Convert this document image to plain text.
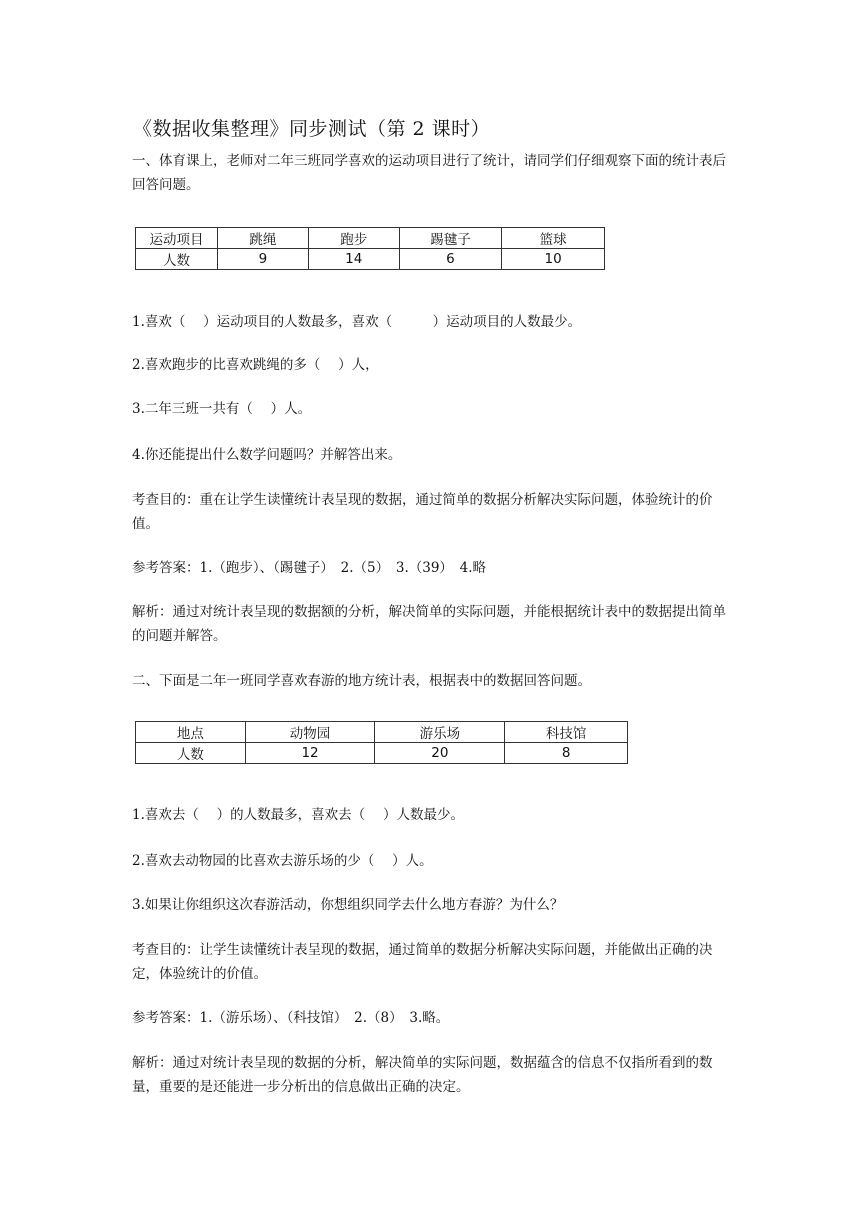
《数据收集整理》同步测试（第 2 课时）
一、体育课上，老师对二年三班同学喜欢的运动项目进行了统计，请同学们仔细观察下面的统计表后回答问题。
运动项目	跳绳	跑步	踢毽子	篮球
人数	9	14	6	10
1.喜欢（　 ）运动项目的人数最多，喜欢（　　　）运动项目的人数最少。
2.喜欢跑步的比喜欢跳绳的多（　 ）人，
3.二年三班一共有（　 ）人。
4.你还能提出什么数学问题吗？并解答出来。
考查目的：重在让学生读懂统计表呈现的数据，通过简单的数据分析解决实际问题，体验统计的价值。
参考答案：1.（跑步）、（踢毽子）　2.（5）　3.（39）　4.略
解析：通过对统计表呈现的数据额的分析，解决简单的实际问题，并能根据统计表中的数据提出简单的问题并解答。
二、下面是二年一班同学喜欢春游的地方统计表，根据表中的数据回答问题。
地点	动物园	游乐场	科技馆
人数	12	20	8
1.喜欢去（　 ）的人数最多，喜欢去（　 ）人数最少。
2.喜欢去动物园的比喜欢去游乐场的少（　 ）人。
3.如果让你组织这次春游活动，你想组织同学去什么地方春游？为什么？
考查目的：让学生读懂统计表呈现的数据，通过简单的数据分析解决实际问题，并能做出正确的决定，体验统计的价值。
参考答案：1.（游乐场）、（科技馆）　2.（8）　3.略。
解析：通过对统计表呈现的数据的分析，解决简单的实际问题，数据蕴含的信息不仅指所看到的数量，重要的是还能进一步分析出的信息做出正确的决定。
